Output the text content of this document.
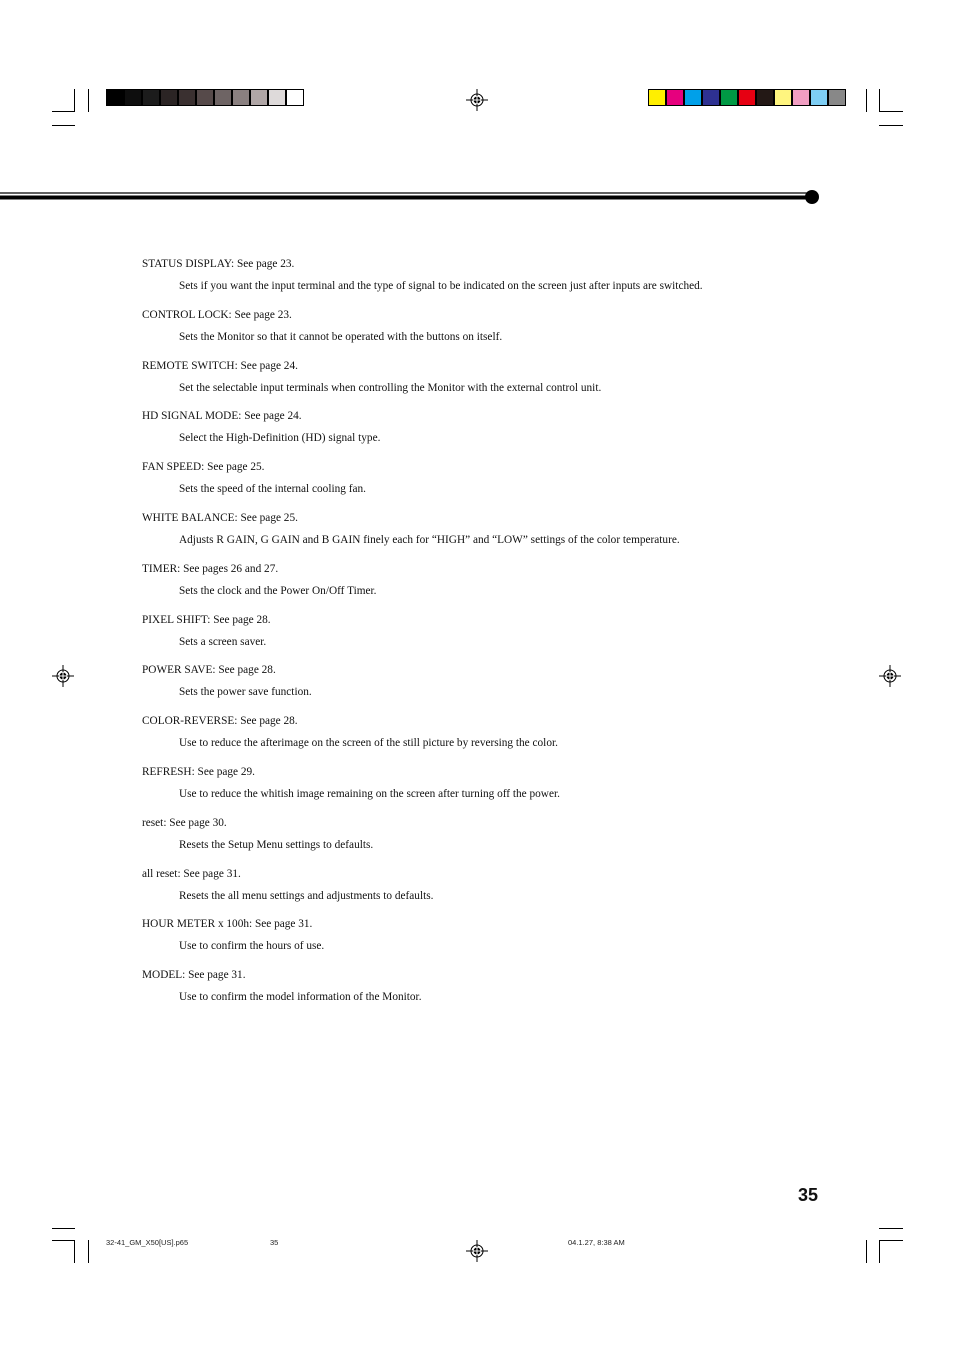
STATUS DISPLAY: See page 23.
Sets if you want the input terminal and the type of signal to be indicated on the screen just after inputs are switched.
CONTROL LOCK: See page 23.
Sets the Monitor so that it cannot be operated with the buttons on itself.
REMOTE SWITCH: See page 24.
Set the selectable input terminals when controlling the Monitor with the external control unit.
HD SIGNAL MODE: See page 24.
Select the High-Definition (HD) signal type.
FAN SPEED: See page 25.
Sets the speed of the internal cooling fan.
WHITE BALANCE: See page 25.
Adjusts R GAIN, G GAIN and B GAIN finely each for “HIGH” and “LOW” settings of the color temperature.
TIMER: See pages 26 and 27.
Sets the clock and the Power On/Off Timer.
PIXEL SHIFT: See page 28.
Sets a screen saver.
POWER SAVE: See page 28.
Sets the power save function.
COLOR-REVERSE: See page 28.
Use to reduce the afterimage on the screen of the still picture by reversing the color.
REFRESH: See page 29.
Use to reduce the whitish image remaining on the screen after turning off the power.
reset: See page 30.
Resets the Setup Menu settings to defaults.
all reset: See page 31.
Resets the all menu settings and adjustments to defaults.
HOUR METER x 100h: See page 31.
Use to confirm the hours of use.
MODEL: See page 31.
Use to confirm the model information of the Monitor.
35
32-41_GM_X50[US].p65	35	04.1.27, 8:38 AM
